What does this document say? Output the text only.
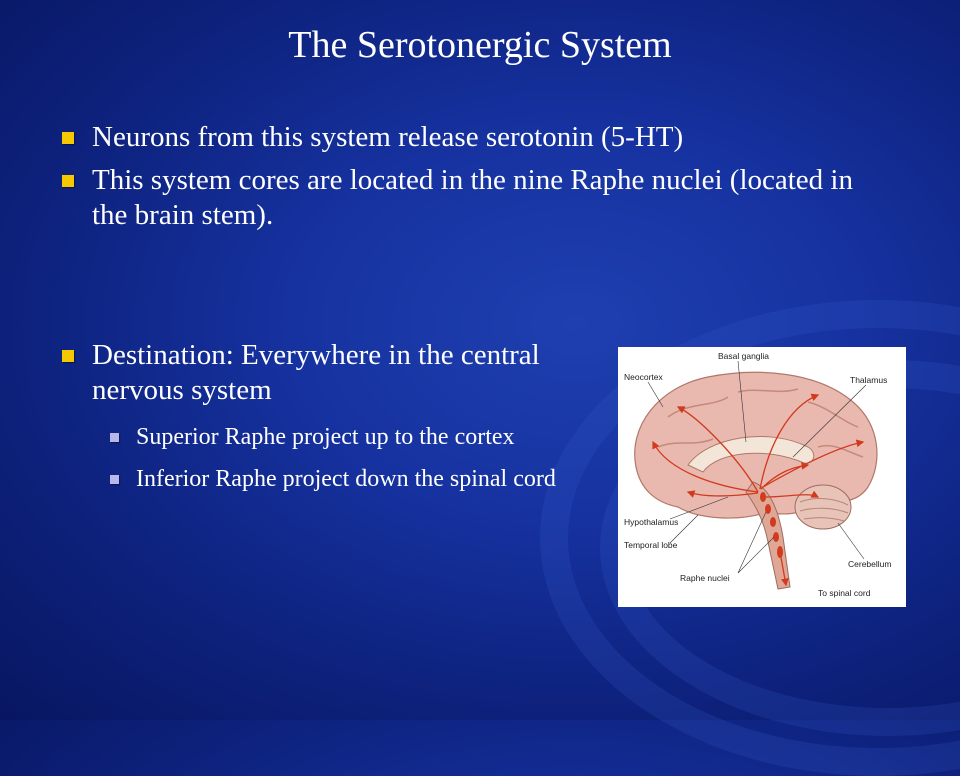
The Serotonergic System
Neurons from this system release serotonin (5-HT)
This system cores are located in the nine Raphe nuclei (located in the brain stem).
Destination: Everywhere in the central nervous system
Superior Raphe project up to the cortex
Inferior Raphe project down the spinal cord
Basal ganglia
Neocortex	Thalamus
Hypothalamus
Temporal lobe
Cerebellum
Raphe nuclei
To spinal cord
